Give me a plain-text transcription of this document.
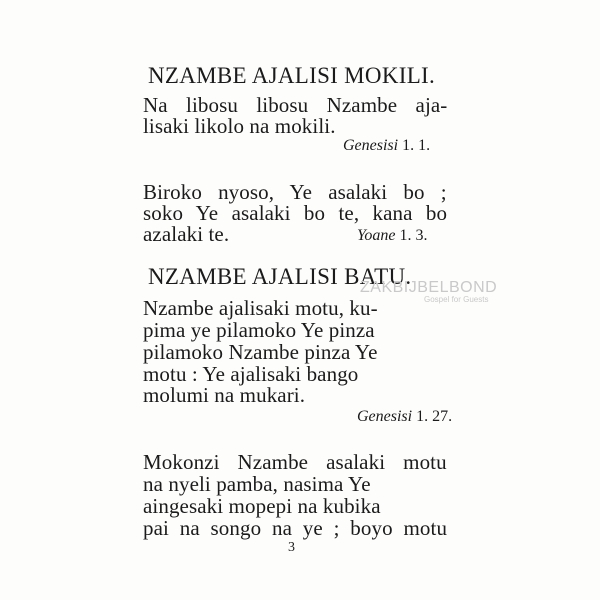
NZAMBE AJALISI MOKILI.
Na libosu libosu Nzambe aja-
lisaki likolo na mokili.
Genesisi 1. 1.
Biroko nyoso, Ye asalaki bo ;
soko Ye asalaki bo te, kana bo
azalaki te.	Yoane 1. 3.
NZAMBE AJALISI BATU.
ZAKBIJBELBOND
Gospel for Guests
Nzambe ajalisaki motu, ku-
pima ye pilamoko Ye pinza
pilamoko Nzambe pinza Ye
motu : Ye ajalisaki bango
molumi na mukari.
Genesisi 1. 27.
Mokonzi Nzambe asalaki motu
na nyeli pamba, nasima Ye
aingesaki mopepi na kubika
pai na songo na ye ; boyo motu
3
